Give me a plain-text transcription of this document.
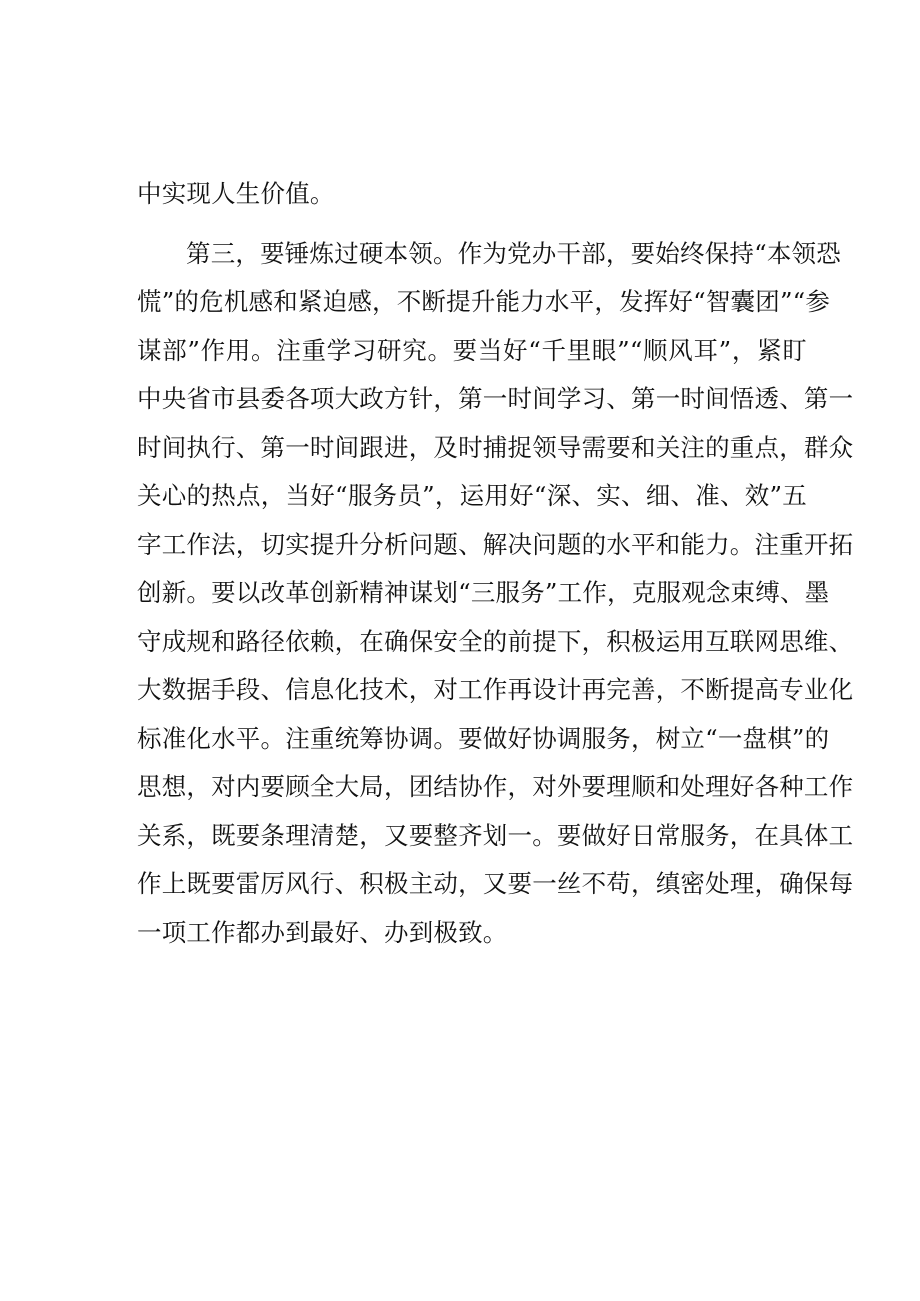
中实现人生价值。
第三，要锤炼过硬本领。作为党办干部，要始终保持“本领恐
慌”的危机感和紧迫感，不断提升能力水平，发挥好“智囊团”“参
谋部”作用。注重学习研究。要当好“千里眼”“顺风耳”，紧盯
中央省市县委各项大政方针，第一时间学习、第一时间悟透、第一
时间执行、第一时间跟进，及时捕捉领导需要和关注的重点，群众
关心的热点，当好“服务员”，运用好“深、实、细、准、效”五
字工作法，切实提升分析问题、解决问题的水平和能力。注重开拓
创新。要以改革创新精神谋划“三服务”工作，克服观念束缚、墨
守成规和路径依赖，在确保安全的前提下，积极运用互联网思维、
大数据手段、信息化技术，对工作再设计再完善，不断提高专业化
标准化水平。注重统筹协调。要做好协调服务，树立“一盘棋”的
思想，对内要顾全大局，团结协作，对外要理顺和处理好各种工作
关系，既要条理清楚，又要整齐划一。要做好日常服务，在具体工
作上既要雷厉风行、积极主动，又要一丝不苟，缜密处理，确保每
一项工作都办到最好、办到极致。
